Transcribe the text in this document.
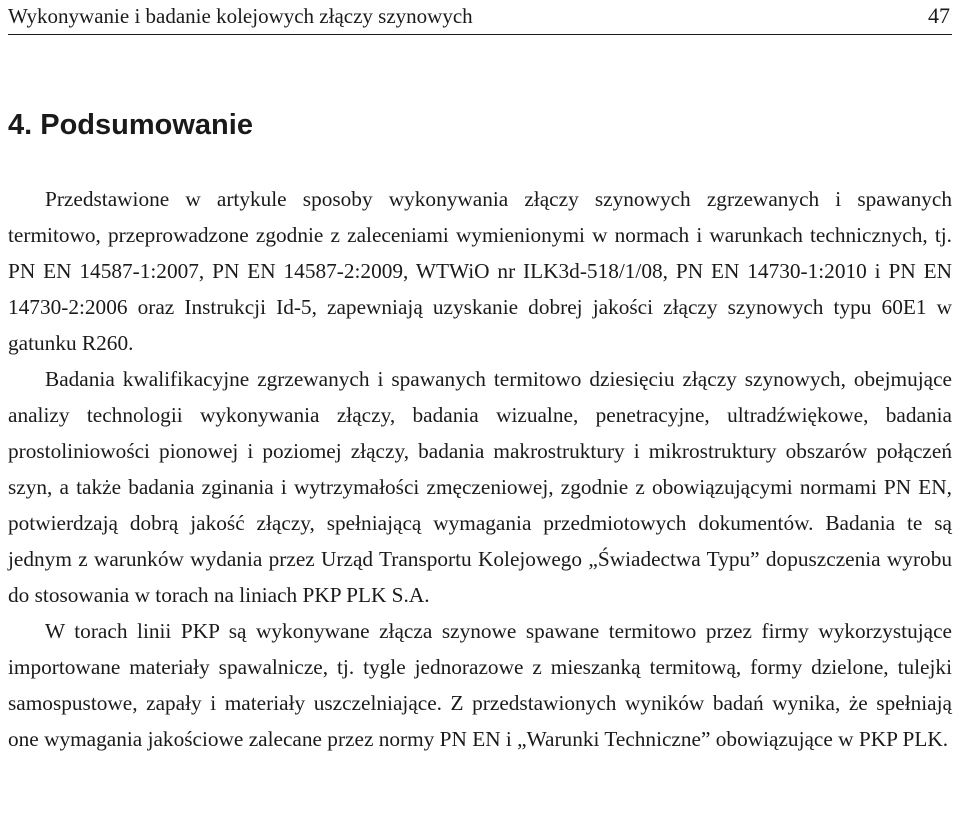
Wykonywanie i badanie kolejowych złączy szynowych	47
4. Podsumowanie

Przedstawione w artykule sposoby wykonywania złączy szynowych zgrzewanych i spawanych termitowo, przeprowadzone zgodnie z zaleceniami wymienionymi w normach i warunkach technicznych, tj. PN EN 14587-1:2007, PN EN 14587-2:2009, WTWiO nr ILK3d-518/1/08, PN EN 14730-1:2010 i PN EN 14730-2:2006 oraz Instrukcji Id-5, zapewniają uzyskanie dobrej jakości złączy szynowych typu 60E1 w gatunku R260.

Badania kwalifikacyjne zgrzewanych i spawanych termitowo dziesięciu złączy szynowych, obejmujące analizy technologii wykonywania złączy, badania wizualne, penetracyjne, ultradźwiękowe, badania prostoliniowości pionowej i poziomej złączy, badania makrostruktury i mikrostruktury obszarów połączeń szyn, a także badania zginania i wytrzymałości zmęczeniowej, zgodnie z obowiązującymi normami PN EN, potwierdzają dobrą jakość złączy, spełniającą wymagania przedmiotowych dokumentów. Badania te są jednym z warunków wydania przez Urząd Transportu Kolejowego „Świadectwa Typu” dopuszczenia wyrobu do stosowania w torach na liniach PKP PLK S.A.

W torach linii PKP są wykonywane złącza szynowe spawane termitowo przez firmy wykorzystujące importowane materiały spawalnicze, tj. tygle jednorazowe z mieszanką termitową, formy dzielone, tulejki samospustowe, zapały i materiały uszczelniające. Z przedstawionych wyników badań wynika, że spełniają one wymagania jakościowe zalecane przez normy PN EN i „Warunki Techniczne” obowiązujące w PKP PLK.
